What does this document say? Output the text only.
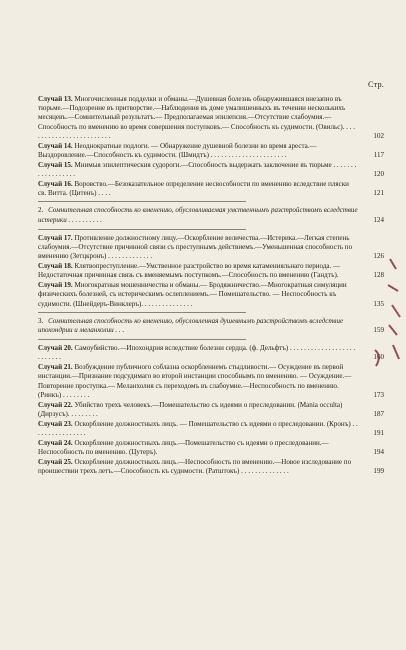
Стр.
Случай 13. Многочисленныя подделки и обманы.—Душевная болезнь обнаружившаяся внезапно въ тюрьме.—Подозрение въ притворстве.—Наблюдения въ доме умалишенныхъ въ течении несколькихъ месяцевъ.—Сомнительный результатъ.— Предполагаемая эпилепсия.—Отсутствие слабоумия.—Способность по вменению во время совершения поступковъ.— Способность къ судимости. (Овильс). . . . . . . . . . . . . . . . . . . . . . . . .	102
Случай 14. Неоднократные подлоги. — Обнаружение душевной болезни во время ареста.—Выздоровление.—Способность къ судимости. (Шмидтъ) . . . . . . . . . . . . . . . . . . . . . .	117
Случай 15. Мнимыя эпилептическия судороги.—Способность выдержать заключение въ тюрьме . . . . . . . . . . . . . . . . . .	120
Случай 16. Воровство.—Безоказательное определение несвособности по вменению вследствие пляски св. Витта. (Цитенъ) . . . .	121
2. Сомнительная способность ко вменению, обусловливаемая умственнымъ разстройствомъ вследствие истерики . . . . . . . . . .	124
Случай 17. Противление должностному лицу.—Оскорбление величества.—Истерика.—Легкая степень слабоумия.—Отсутствие причинной связи съ преступнымъ действиемъ.—Уменьшенная способность по вменению (Зетцкронъ) . . . . . . . . . . . . .	126
Случай 18. Клятвопреступление.—Умственное разстройство во время катаменияльнаго периода. — Недостаточная причинная связь съ вменяемымъ поступкомъ.—Способность по вменению (Гандтъ).	128
Случай 19. Многократныя мошенничества и обманы.— Бродяжничество.—Многократныя симуляции физическихъ болезней, съ истерическимъ ослеплениемъ.— Помешательство. — Неспособность къ судимости. (Шнейдеръ-Винклеръ). . . . . . . . . . . . . . .	135
3. Сомнительная способность ко вменению, обусловленная душевнымъ разстройствомъ вследствие ипохондрии и меланхолии . . .	159
Случай 20. Самоубийство.—Ипохондрия вследствие болезни сердца. (ф. Дельфтъ) . . . . . . . . . . . . . . . . . . . . . . . . . .	160
Случай 21. Возбуждение публичного соблазна оскорблениемъ стыдливости.— Осуждение въ первой инстанции.—Признание подсудимаго во второй инстанции способнымъ по вменению. — Осуждение.— Повторение проступка.— Меланхолия съ переходомъ въ слабоумие.—Неспособность по вменению. (Ринкъ) . . . . . . . .	173
Случай 22. Убийство трехъ человекъ.—Помешательство съ идеями о преследовании. (Mania occulta) (Дирзусъ). . . . . . . . .	187
Случай 23. Оскорбление должностныхъ лицъ. — Помешательство съ идеями о преследовании. (Кронъ) . . . . . . . . . . . . . . . .	191
Случай 24. Оскорбление должностныхъ лицъ.—Помешательство съ идеями о преследовании.—Неспособность по вменению. (Цутеръ).	194
Случай 25. Оскорбление должностныхъ лицъ.—Неспособность по вменению.—Новое изследование по проишествии трехъ летъ.—Способность къ судимости. (Ратштокъ) . . . . . . . . . . . . . .	199
